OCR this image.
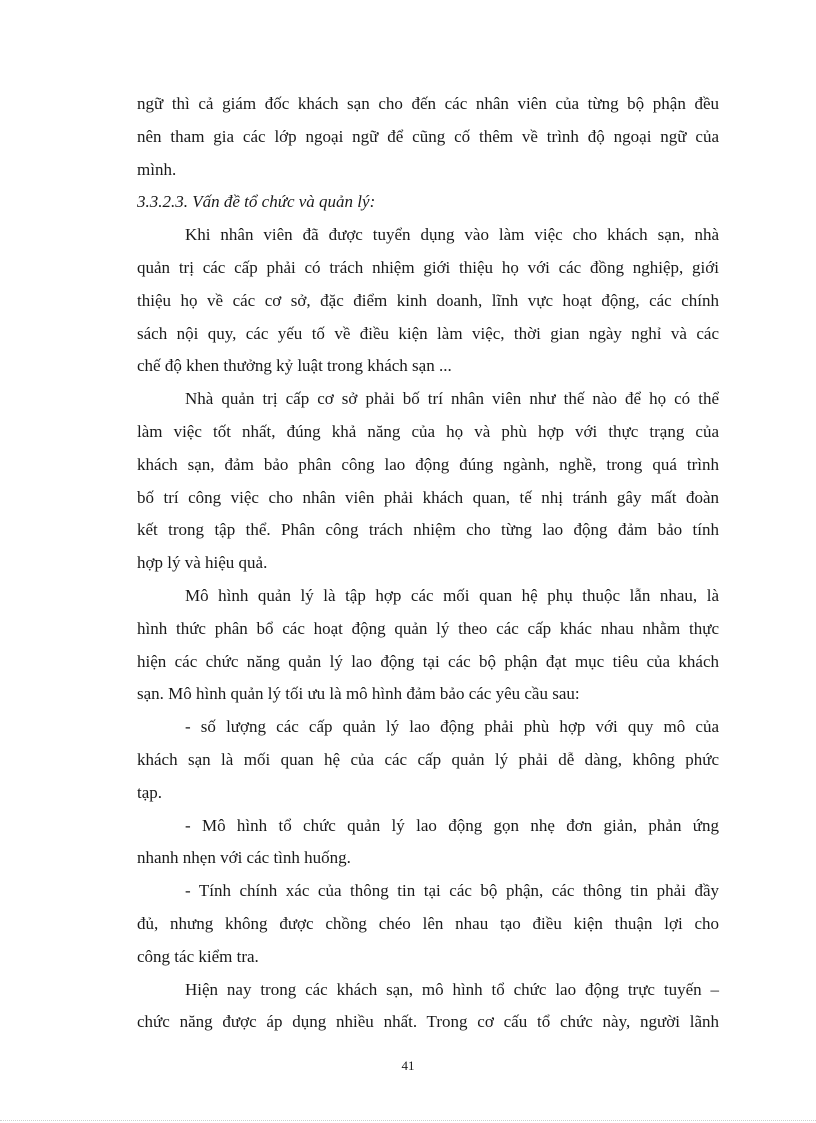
ngữ thì cả giám đốc khách sạn cho đến các nhân viên của từng bộ phận đều
nên tham gia các lớp ngoại ngữ để cũng cố thêm về trình độ ngoại ngữ của
mình.
3.3.2.3. Vấn đề tổ chức và quản lý:
Khi nhân viên đã được tuyển dụng vào làm việc cho khách sạn, nhà
quản trị các cấp phải có trách nhiệm giới thiệu họ với các đồng nghiệp, giới
thiệu họ về các cơ sở, đặc điểm kinh doanh, lĩnh vực hoạt động, các chính
sách nội quy, các yếu tố về điều kiện làm việc, thời gian ngày nghỉ và các
chế độ khen thưởng kỷ luật trong khách sạn ...
Nhà quản trị cấp cơ sở phải bố trí nhân viên như thế nào để họ có thể
làm việc tốt nhất, đúng khả năng của họ và phù hợp với thực trạng của
khách sạn, đảm bảo phân công lao động đúng ngành, nghề, trong quá trình
bố trí công việc cho nhân viên phải khách quan, tế nhị tránh gây mất đoàn
kết trong tập thể. Phân công trách nhiệm cho từng lao động đảm bảo tính
hợp lý và hiệu quả.
Mô hình quản lý là tập hợp các mối quan hệ phụ thuộc lẫn nhau, là
hình thức phân bổ các hoạt động quản lý theo các cấp khác nhau nhằm thực
hiện các chức năng quản lý lao động tại các bộ phận đạt mục tiêu của khách
sạn. Mô hình quản lý tối ưu là mô hình đảm bảo các yêu cầu sau:
- số lượng các cấp quản lý lao động phải phù hợp với quy mô của
khách sạn là mối quan hệ của các cấp quản lý phải dễ dàng, không phức
tạp.
- Mô hình tổ chức quản lý lao động gọn nhẹ đơn giản, phản ứng
nhanh nhẹn với các tình huống.
- Tính chính xác của thông tin tại các bộ phận, các thông tin phải đầy
đủ, nhưng không được chồng chéo lên nhau tạo điều kiện thuận lợi cho
công tác kiểm tra.
Hiện nay trong các khách sạn, mô hình tổ chức lao động trực tuyến –
chức năng được áp dụng nhiều nhất. Trong cơ cấu tổ chức này, người lãnh
41
